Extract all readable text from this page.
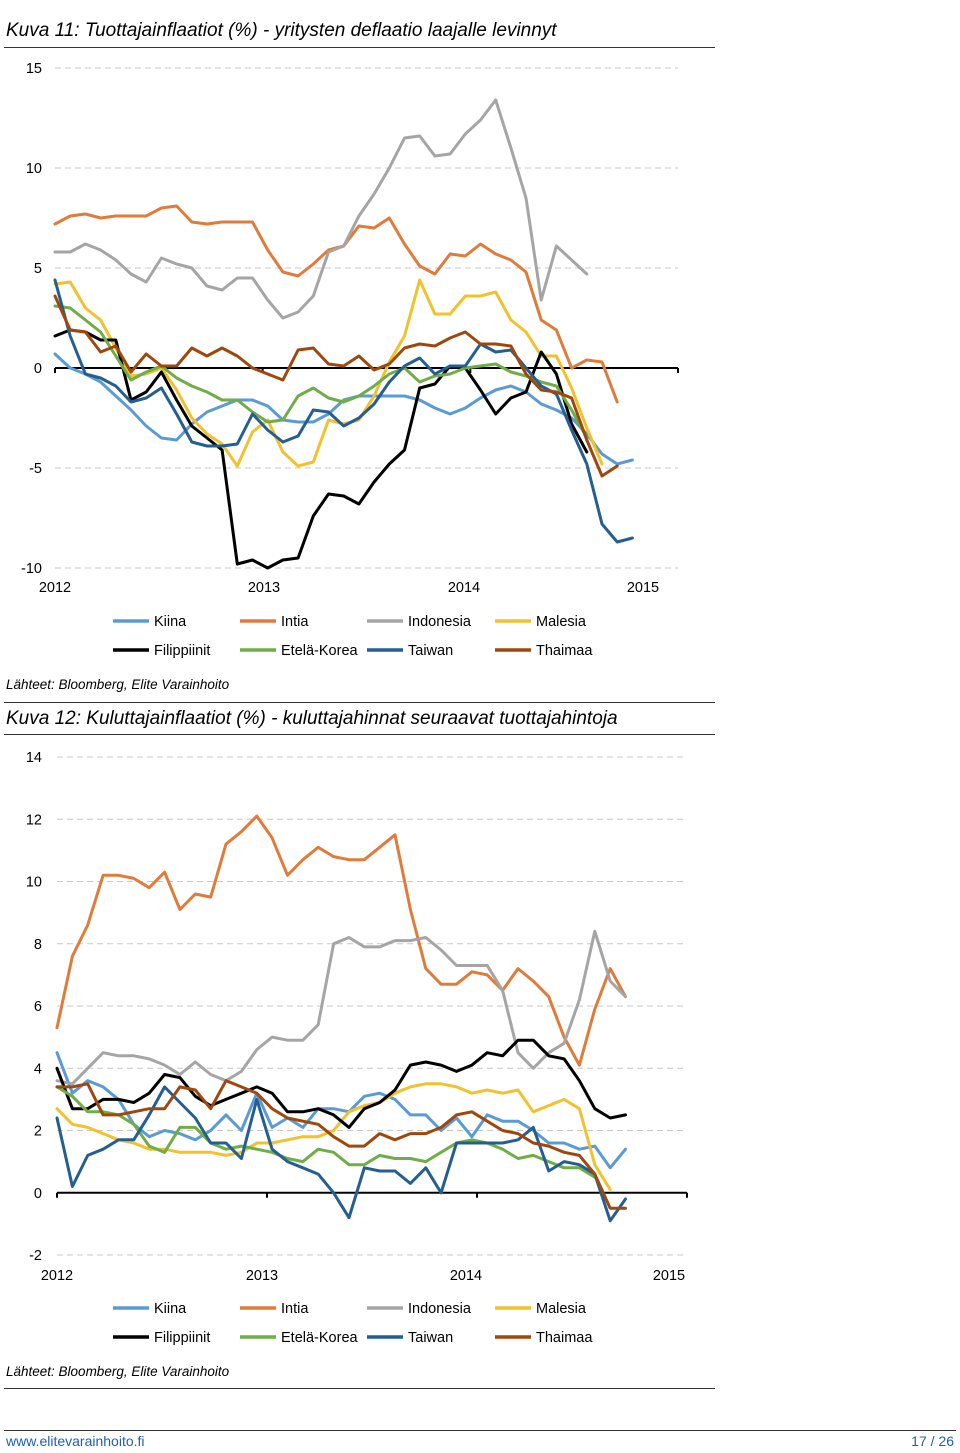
Kuva 11: Tuottajainflaatiot (%) - yritysten deflaatio laajalle levinnyt
15
10
5
0
-5
-10
2012	2013	2014	2015
Kiina	Intia	Indonesia	Malesia
Filippiinit	Etelä-Korea	Taiwan	Thaimaa
Lähteet: Bloomberg, Elite Varainhoito
Kuva 12: Kuluttajainflaatiot (%) - kuluttajahinnat seuraavat tuottajahintoja
14
12
10
8
6
4
2
0
-2
2012	2013	2014	2015
Kiina	Intia	Indonesia	Malesia
Filippiinit	Etelä-Korea	Taiwan	Thaimaa
Lähteet: Bloomberg, Elite Varainhoito
www.elitevarainhoito.fi	17 / 26
